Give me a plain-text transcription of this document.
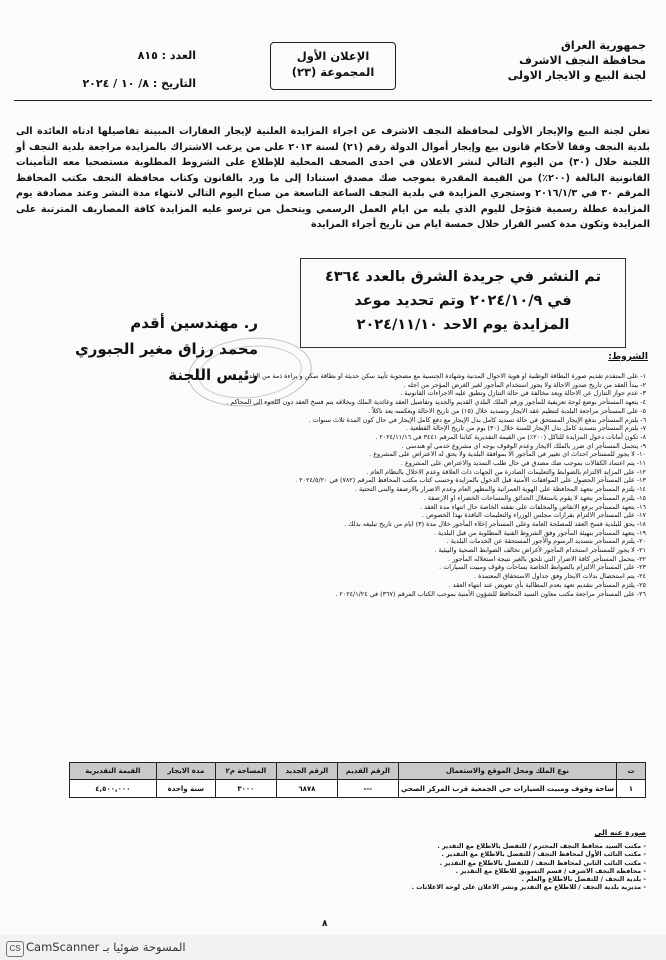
جمهورية العراق
محافظة النجف الاشرف
لجنة البيع و الايجار الاولى
الإعلان الأول
المجموعة (٢٣)
العدد : ٨١٥
التاريخ : ٨/ ١٠ / ٢٠٢٤
تعلن لجنة البيع والإيجار الأولى لمحافظة النجف الاشرف عن اجراء المزايدة العلنية لإيجار العقارات المبينة تفاصيلها ادناه العائدة الى بلدية النجف وفقا لأحكام قانون بيع وإيجار أموال الدولة رقم (٢١) لسنة ٢٠١٣ على من يرغب الاشتراك بالمزايدة مراجعة بلدية النجف أو اللجنة خلال (٣٠) من اليوم التالي لنشر الاعلان في احدى الصحف المحلية للإطلاع على الشروط المطلوبة مستصحبا معه التأمينات القانونية البالغة (٢٠٠٪) من القيمة المقدرة بموجب صك مصدق استنادا إلى ما ورد بالقانون وكتاب محافظة النجف مكتب المحافظ المرقم ٣٠ في ٢٠١٦/١/٣ وستجري المزايدة في بلدية النجف الساعة التاسعة من صباح اليوم التالي لانتهاء مدة النشر وعند مصادفة يوم المزايدة عطلة رسمية فتؤجل لليوم الذي يليه من ايام العمل الرسمي ويتحمل من ترسو عليه المزايدة كافة المصاريف المترتبة على المزايدة وتكون مدة كسر القرار خلال خمسة ايام من تاريخ أجراء المزايدة
تم النشر في جريدة الشرق بالعدد ٤٣٦٤
في ٢٠٢٤/١٠/٩ وتم تحديد موعد
المزايدة يوم الاحد ٢٠٢٤/١١/١٠
ر. مهندسين أقدم
محمد رزاق مغير الجبوري
رئيس اللجنة
الشروط:
١- على المتقدم تقديم صورة البطاقة الوطنية او هوية الاحوال المدنية وشهادة الجنسية مع مصحوبة تأييد سكن حديثة او بطاقة سكن و براءة ذمة من البلدية .
٢- يبدأ العقد من تاريخ صدور الاحالة ولا يجوز استخدام المأجور لغير الغرض المؤجر من اجله .
٣- عدم جواز التنازل عن الاحالة ويعد مخالفة في حالة التنازل وتطبق عليه الاجراءات القانونية .
٤- يتعهد المستأجر بوضع لوحة تعريفية للمأجور ورقم الملك البلدي القديم والجديد وتفاصيل العقد وعائدية الملك وبخلافه يتم فسخ العقد دون اللجوء الى المحاكم .
٥- على المستأجر مراجعة البلدية لتنظيم عقد الايجار وتسديد خلال (١٥) من تاريخ الاحالة وبعكسه يعد ناكلاً .
٦- يلتزم المستأجر بدفع الإيجار المستحق في حالة تسديد كامل بدل الإيجار مع دفع كامل الإيجار في حال كون المدة ثلاث سنوات .
٧- يلتزم المستأجر بتسديد كامل بدل الإيجار للسنة خلال (٣٠) يوم من تاريخ الإحالة القطعية .
٨- تكون أمانات دخول المزايدة للناكل (٢٠٠٪) من القيمة التقديرية كتابنا المرقم ٣٤٤١ في ٢٠٢٤/١١/١٦ .
٩- يتحمل المستأجر اي ضرر بالملك الايجار وعدم الوقوف بوجه اي مشروع خدمي او هندسي .
١٠- لا يجوز للمستأجر احداث اي تغيير في المأجور الا بموافقة البلدية ولا يحق له الاعتراض على المشروع .
١١- يتم اعتماد الكفالات بموجب صك مصدق في حال طلب التمديد والاعتراض على المشروع .
١٢- على المزايد الالتزام بالضوابط والتعليمات الصادرة من الجهات ذات العلاقة وعدم الاخلال بالنظام العام .
١٣- على المستأجر الحصول على الموافقات الأمنية قبل الدخول بالمزايدة وحسب كتاب مكتب المحافظ المرقم (٧٨٢) في ٢٠٢٤/٥/٢٠ .
١٤- يلتزم المستأجر بتعهد المحافظة على الهوية العمرانية والمظهر العام وعدم الاضرار بالارصفة والبنى التحتية .
١٥- يلتزم المستأجر بتعهد لا يقوم باستغلال الحدائق والمساحات الخضراء او الارصفة .
١٦- يتعهد المستأجر برفع الانقاض والمخلفات على نفقته الخاصة حال انتهاء مدة العقد .
١٧- على المستأجر الالتزام بقرارات مجلس الوزراء والتعليمات النافذة بهذا الخصوص .
١٨- يحق للبلدية فسخ العقد للمصلحة العامة وعلى المستأجر إخلاء المأجور خلال مدة (٣) ايام من تاريخ تبليغه بذلك .
١٩- يتعهد المستأجر بتهيئة المأجور وفق الشروط الفنية المطلوبة من قبل البلدية .
٢٠- يلتزم المستأجر بتسديد الرسوم والأجور المستحقة عن الخدمات البلدية .
٢١- لا يجوز للمستأجر استخدام المأجور لأغراض تخالف الضوابط الصحية والبيئية .
٢٢- يتحمل المستأجر كافة الاضرار التي تلحق بالغير نتيجة استغلاله المأجور .
٢٣- على المستأجر الالتزام بالضوابط الخاصة بساحات وقوف ومبيت السيارات .
٢٤- يتم استحصال بدلات الايجار وفق جداول الاستحقاق المعتمدة .
٢٥- يلتزم المستأجر بتقديم تعهد بعدم المطالبة بأي تعويض عند انتهاء العقد .
٢٦- على المستأجر مراجعة مكتب معاون السيد المحافظ للشؤون الأمنية بموجب الكتاب المرقم (٣٦٧) في ٢٠٢٤/١/٢٤ .
ت	نوع الملك ومحل الموقع والاستعمال	الرقم القديم	الرقم الجديد	المساحة م٢	مدة الايجار	القيمة التقديرية
١	ساحة وقوف ومبيت السيارات حي الجمعية قرب المركز الصحي	---	٦٨٧٨	٣٠٠٠	سنة واحدة	٤,٥٠٠,٠٠٠
صورة عنه الى
- مكتب السيد محافظ النجف المحترم / للتفضل بالاطلاع مع التقدير .
- مكتب النائب الأول لمحافظ النجف / للتفضل بالاطلاع مع التقدير .
- مكتب النائب الثاني لمحافظ النجف / للتفضل بالاطلاع مع التقدير .
- محافظة النجف الاشرف / قسم التسويق للاطلاع مع التقدير .
- بلدية النجف / للتفضل بالاطلاع والعلم .
- مديرية بلدية النجف / للاطلاع مع التقدير ونشر الاعلان على لوحة الاعلانات .
٨
CS المسوحة ضوئيا بـ CamScanner
